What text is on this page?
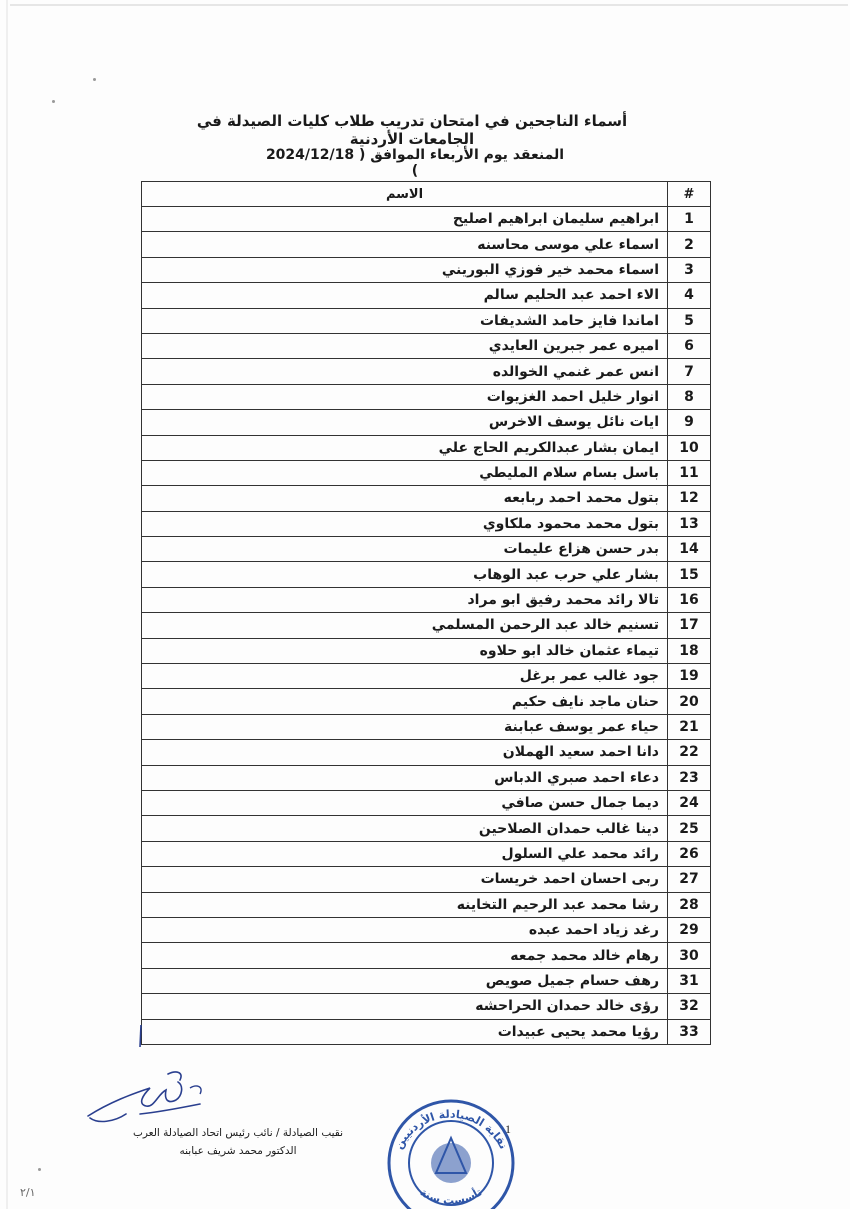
أسماء الناجحين في امتحان تدريب طلاب كليات الصيدلة في الجامعات الأردنية
المنعقد يوم الأربعاء الموافق ( 2024/12/18 )
#	الاسم
1	ابراهيم سليمان ابراهيم اصليح
2	اسماء علي موسى محاسنه
3	اسماء محمد خير فوزي البوريني
4	الاء احمد عبد الحليم سالم
5	اماندا فايز حامد الشديفات
6	اميره عمر جبرين العايدي
7	انس عمر غنمي الخوالده
8	انوار خليل احمد الغزيوات
9	ايات نائل يوسف الاخرس
10	ايمان بشار عبدالكريم الحاج علي
11	باسل بسام سلام المليطي
12	بتول محمد احمد ربابعه
13	بتول محمد محمود ملكاوي
14	بدر حسن هزاع عليمات
15	بشار علي حرب عبد الوهاب
16	تالا رائد محمد رفيق ابو مراد
17	تسنيم خالد عبد الرحمن المسلمي
18	تيماء عثمان خالد ابو حلاوه
19	جود غالب عمر برغل
20	حنان ماجد نايف حكيم
21	حياء عمر يوسف عبابنة
22	دانا احمد سعيد الهملان
23	دعاء احمد صبري الدباس
24	ديما جمال حسن صافي
25	دينا غالب حمدان الصلاحين
26	رائد محمد علي السلول
27	ربى احسان احمد خريسات
28	رشا محمد عبد الرحيم التخاينه
29	رغد زياد احمد عبده
30	رهام خالد محمد جمعه
31	رهف حسام جميل صويص
32	رؤى خالد حمدان الحراحشه
33	رؤيا محمد يحيى عبيدات
نقابة الصيادلة الأردنيين
تأسست سنة
1
نقيب الصيادلة / نائب رئيس اتحاد الصيادلة العرب
الدكتور محمد شريف عبابنه
٢/١
